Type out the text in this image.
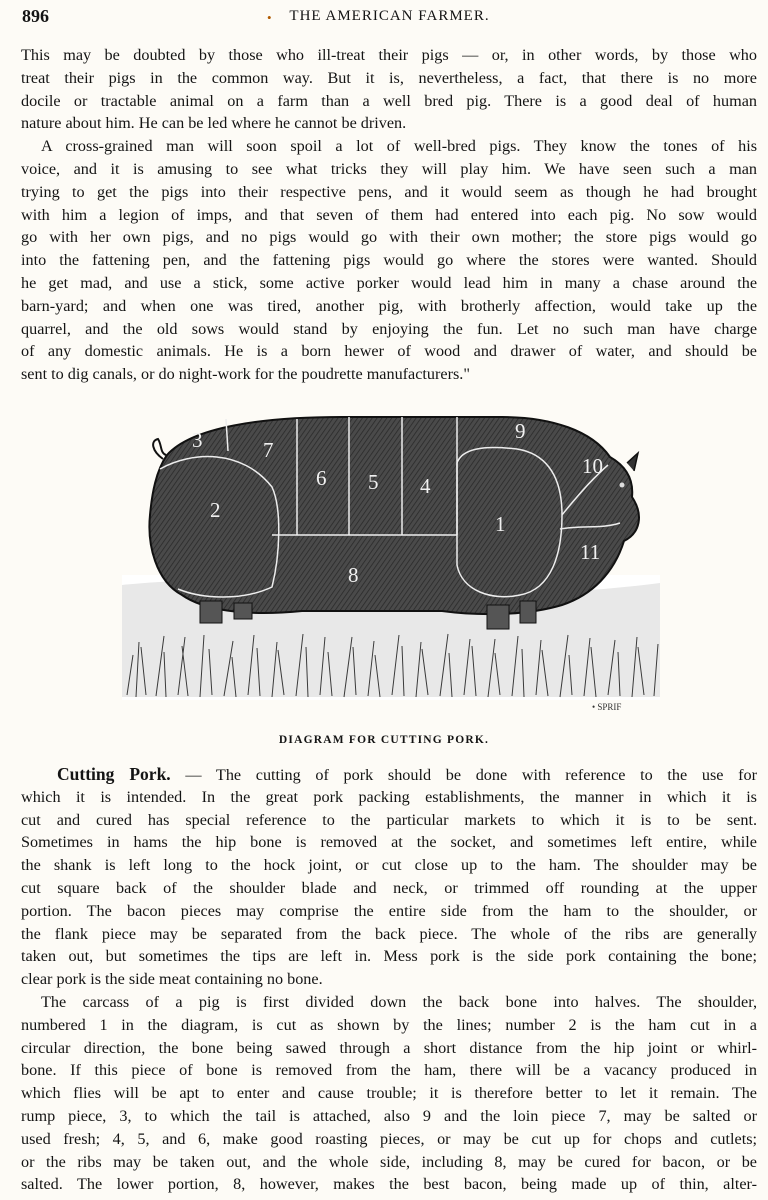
896	•	THE AMERICAN FARMER.
This may be doubted by those who ill-treat their pigs — or, in other words, by those who
treat their pigs in the common way. But it is, nevertheless, a fact, that there is no more
docile or tractable animal on a farm than a well bred pig. There is a good deal of human
nature about him. He can be led where he cannot be driven.
A cross-grained man will soon spoil a lot of well-bred pigs. They know the tones of his
voice, and it is amusing to see what tricks they will play him. We have seen such a man
trying to get the pigs into their respective pens, and it would seem as though he had brought
with him a legion of imps, and that seven of them had entered into each pig. No sow would
go with her own pigs, and no pigs would go with their own mother; the store pigs would go
into the fattening pen, and the fattening pigs would go where the stores were wanted. Should
he get mad, and use a stick, some active porker would lead him in many a chase around the
barn-yard; and when one was tired, another pig, with brotherly affection, would take up the
quarrel, and the old sows would stand by enjoying the fun. Let no such man have charge
of any domestic animals. He is a born hewer of wood and drawer of water, and should be
sent to dig canals, or do night-work for the poudrette manufacturers."
1
2
3
4
5
6
7
8
9
10
11
• SPRIF
DIAGRAM FOR CUTTING PORK.
Cutting Pork. — The cutting of pork should be done with reference to the use for
which it is intended. In the great pork packing establishments, the manner in which it is
cut and cured has special reference to the particular markets to which it is to be sent.
Sometimes in hams the hip bone is removed at the socket, and sometimes left entire, while
the shank is left long to the hock joint, or cut close up to the ham. The shoulder may be
cut square back of the shoulder blade and neck, or trimmed off rounding at the upper
portion. The bacon pieces may comprise the entire side from the ham to the shoulder, or
the flank piece may be separated from the back piece. The whole of the ribs are generally
taken out, but sometimes the tips are left in. Mess pork is the side pork containing the bone;
clear pork is the side meat containing no bone.
The carcass of a pig is first divided down the back bone into halves. The shoulder,
numbered 1 in the diagram, is cut as shown by the lines; number 2 is the ham cut in a
circular direction, the bone being sawed through a short distance from the hip joint or whirl-
bone. If this piece of bone is removed from the ham, there will be a vacancy produced in
which flies will be apt to enter and cause trouble; it is therefore better to let it remain. The
rump piece, 3, to which the tail is attached, also 9 and the loin piece 7, may be salted or
used fresh; 4, 5, and 6, make good roasting pieces, or may be cut up for chops and cutlets;
or the ribs may be taken out, and the whole side, including 8, may be cured for bacon, or be
salted. The lower portion, 8, however, makes the best bacon, being made up of thin, alter-
